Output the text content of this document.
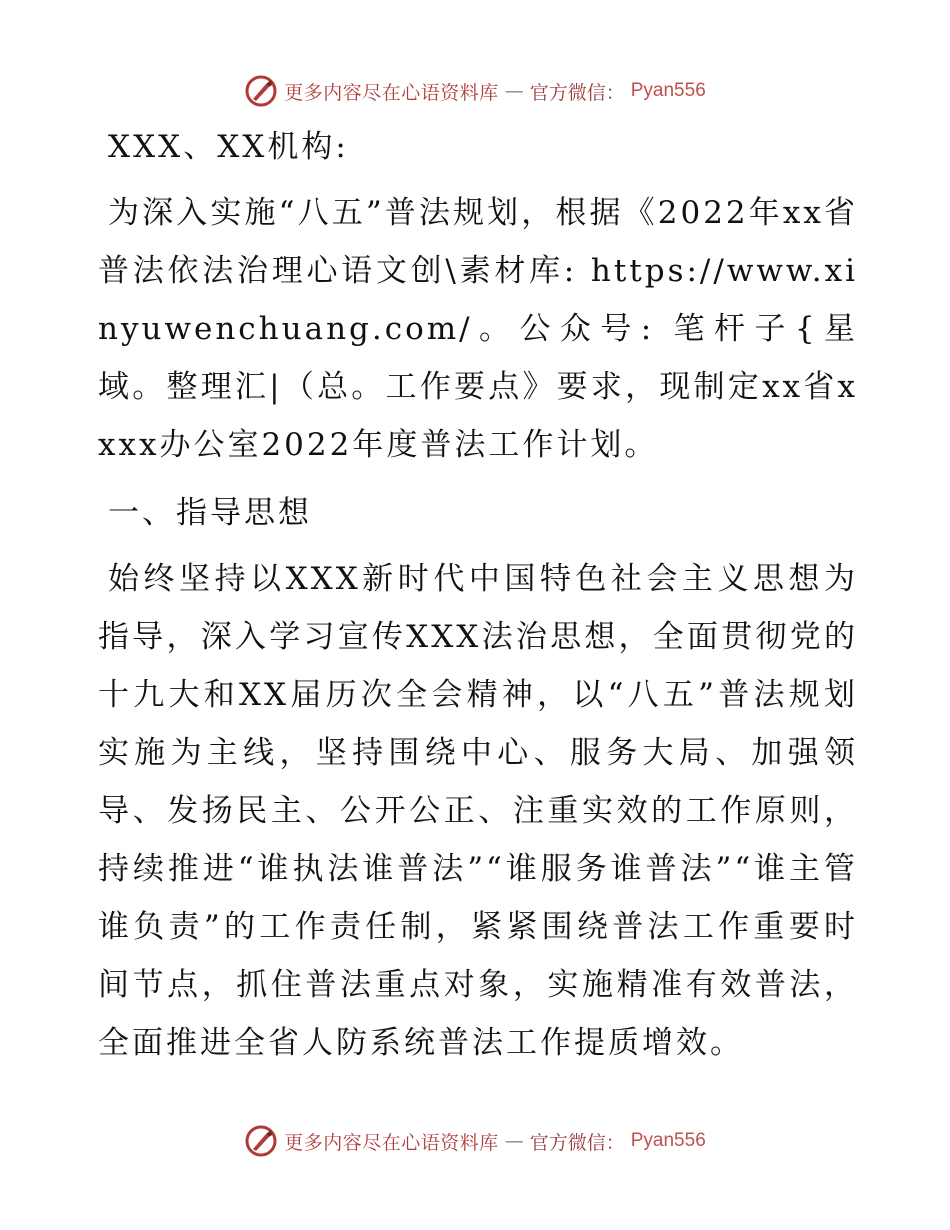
更多内容尽在心语资料库 — 官方微信： Pyan556

XXX、XX机构:

为深入实施“八五”普法规划，根据《2022年xx省普法依法治理心语文创\素材库: https://www.xinyuwenchuang.com/。公众号: 笔杆子{星域。整理汇|（总。工作要点》要求，现制定xx省xxxx办公室2022年度普法工作计划。

一、指导思想

始终坚持以XXX新时代中国特色社会主义思想为指导，深入学习宣传XXX法治思想，全面贯彻党的十九大和XX届历次全会精神，以“八五”普法规划实施为主线，坚持围绕中心、服务大局、加强领导、发扬民主、公开公正、注重实效的工作原则，持续推进“谁执法谁普法”“谁服务谁普法”“谁主管谁负责”的工作责任制，紧紧围绕普法工作重要时间节点，抓住普法重点对象，实施精准有效普法，全面推进全省人防系统普法工作提质增效。

更多内容尽在心语资料库 — 官方微信： Pyan556
